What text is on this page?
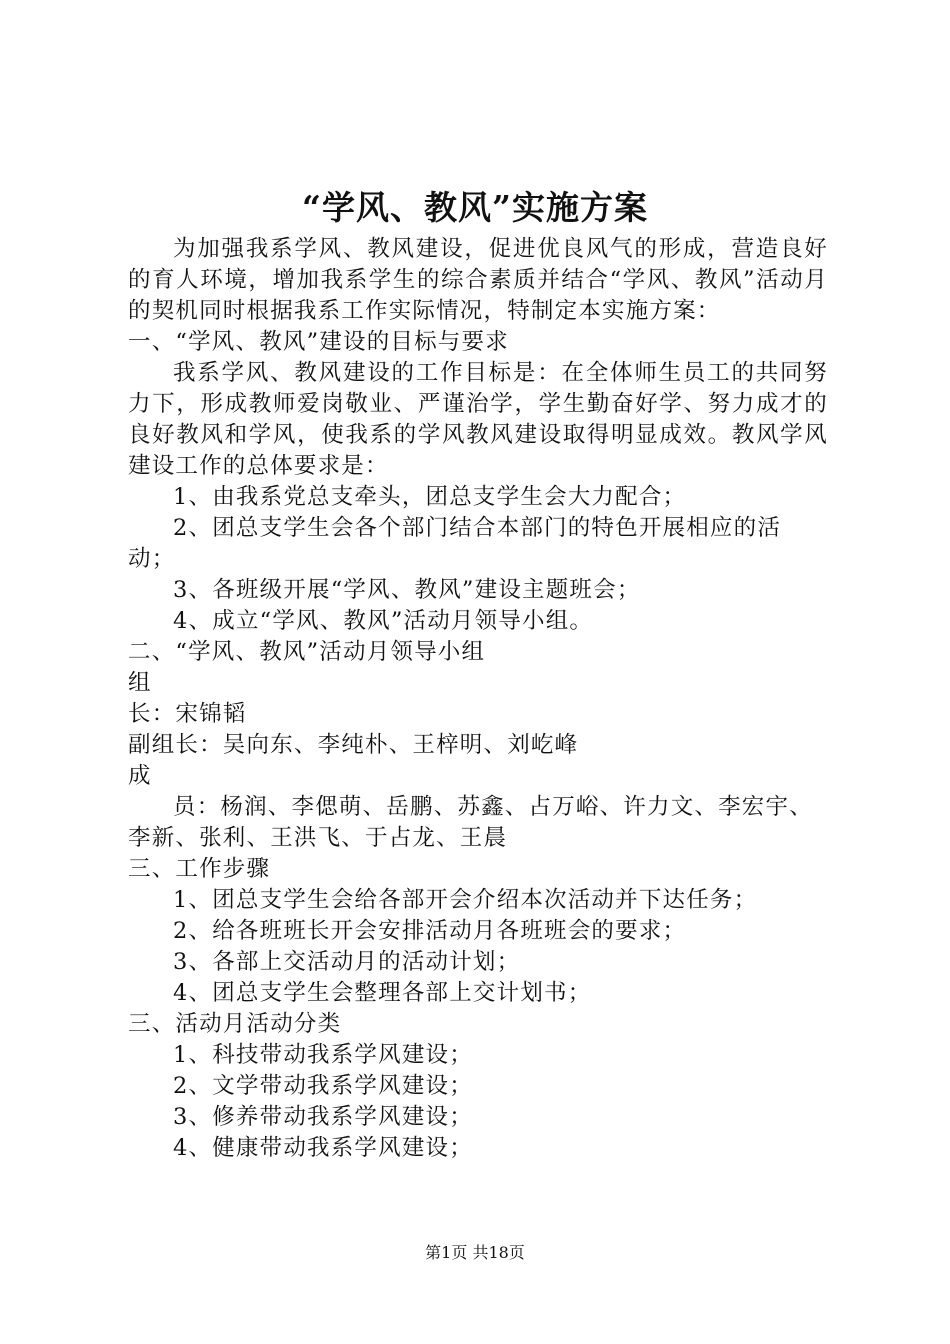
“学风、教风”实施方案

为加强我系学风、教风建设，促进优良风气的形成，营造良好的育人环境，增加我系学生的综合素质并结合“学风、教风”活动月的契机同时根据我系工作实际情况，特制定本实施方案：

一、“学风、教风”建设的目标与要求

我系学风、教风建设的工作目标是：在全体师生员工的共同努力下，形成教师爱岗敬业、严谨治学，学生勤奋好学、努力成才的良好教风和学风，使我系的学风教风建设取得明显成效。教风学风建设工作的总体要求是：

1、由我系党总支牵头，团总支学生会大力配合；

2、团总支学生会各个部门结合本部门的特色开展相应的活动；

3、各班级开展“学风、教风”建设主题班会；

4、成立“学风、教风”活动月领导小组。

二、“学风、教风”活动月领导小组

组

长：宋锦韬

副组长：吴向东、李纯朴、王梓明、刘屹峰

成

员：杨润、李偲萌、岳鹏、苏鑫、占万峪、许力文、李宏宇、李新、张利、王洪飞、于占龙、王晨

三、工作步骤

1、团总支学生会给各部开会介绍本次活动并下达任务；

2、给各班班长开会安排活动月各班班会的要求；

3、各部上交活动月的活动计划；

4、团总支学生会整理各部上交计划书；

三、活动月活动分类

1、科技带动我系学风建设；

2、文学带动我系学风建设；

3、修养带动我系学风建设；

4、健康带动我系学风建设；

第1页 共18页
